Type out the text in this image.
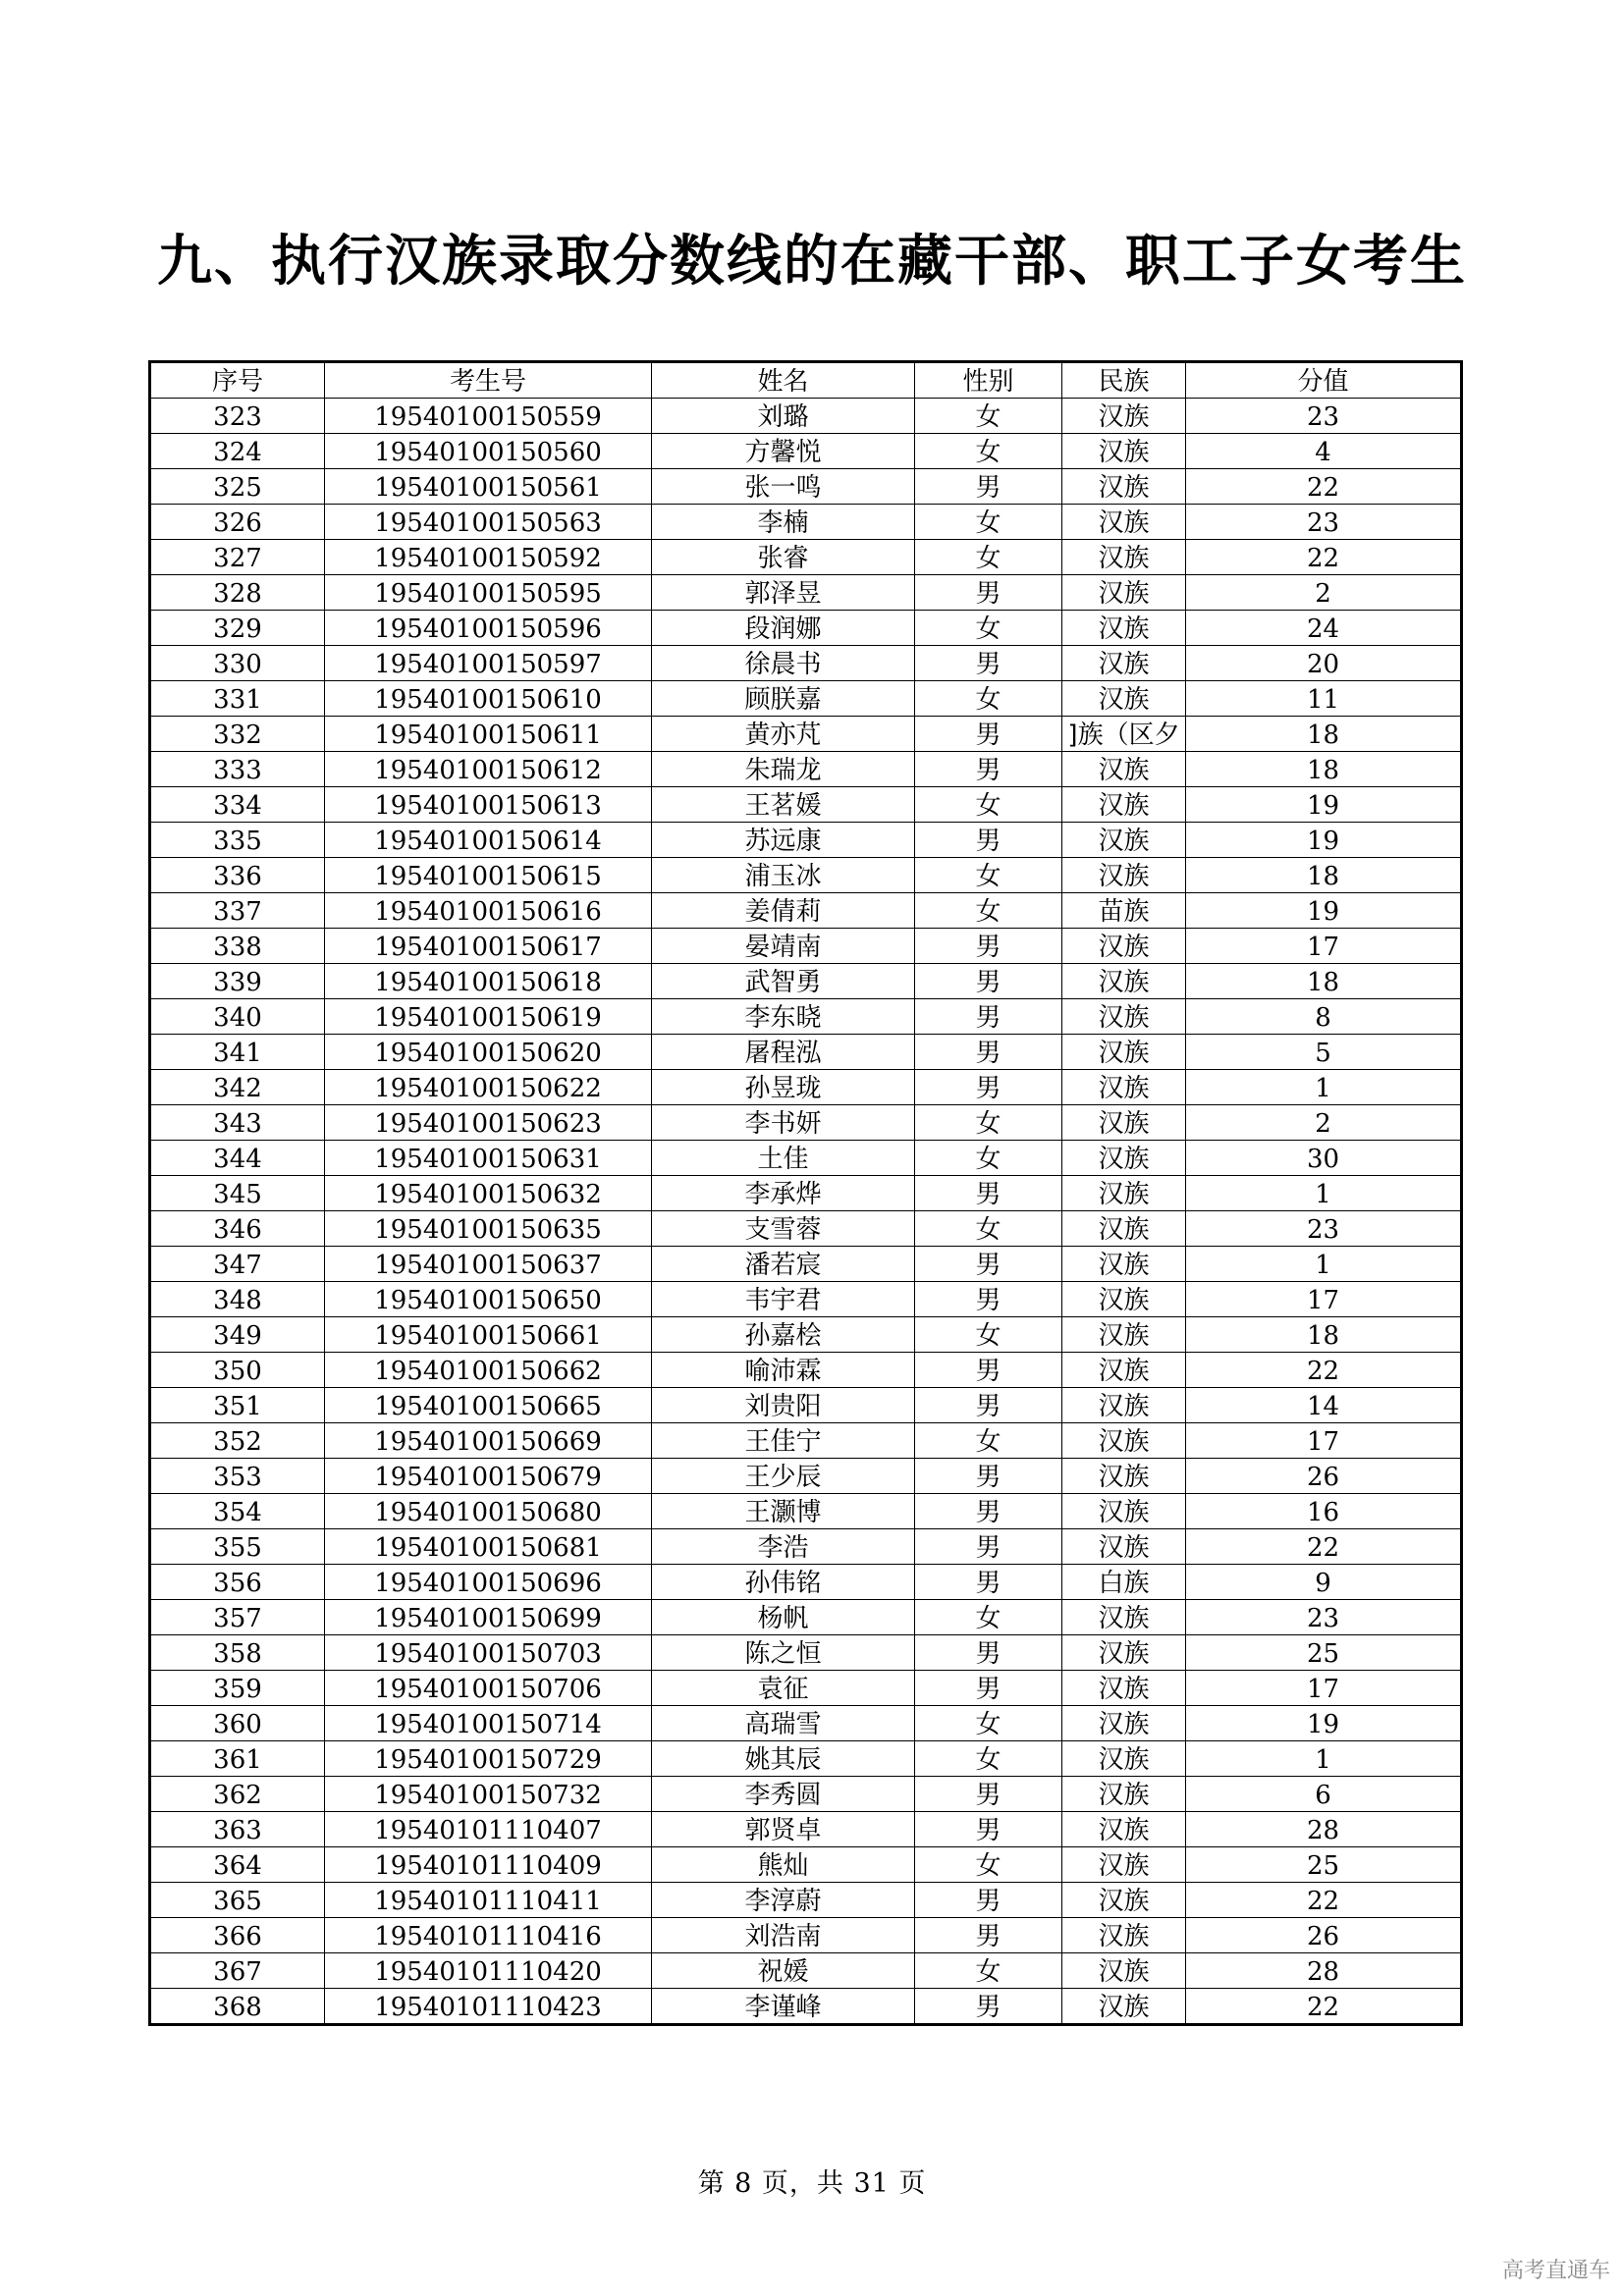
九、执行汉族录取分数线的在藏干部、职工子女考生
序号	考生号	姓名	性别	民族	分值
323	19540100150559	刘璐	女	汉族	23
324	19540100150560	方馨悦	女	汉族	4
325	19540100150561	张一鸣	男	汉族	22
326	19540100150563	李楠	女	汉族	23
327	19540100150592	张睿	女	汉族	22
328	19540100150595	郭泽昱	男	汉族	2
329	19540100150596	段润娜	女	汉族	24
330	19540100150597	徐晨书	男	汉族	20
331	19540100150610	顾朕嘉	女	汉族	11
332	19540100150611	黄亦芃	男	]族（区夕	18
333	19540100150612	朱瑞龙	男	汉族	18
334	19540100150613	王茗媛	女	汉族	19
335	19540100150614	苏远康	男	汉族	19
336	19540100150615	浦玉冰	女	汉族	18
337	19540100150616	姜倩莉	女	苗族	19
338	19540100150617	晏靖南	男	汉族	17
339	19540100150618	武智勇	男	汉族	18
340	19540100150619	李东晓	男	汉族	8
341	19540100150620	屠程泓	男	汉族	5
342	19540100150622	孙昱珑	男	汉族	1
343	19540100150623	李书妍	女	汉族	2
344	19540100150631	土佳	女	汉族	30
345	19540100150632	李承烨	男	汉族	1
346	19540100150635	支雪蓉	女	汉族	23
347	19540100150637	潘若宸	男	汉族	1
348	19540100150650	韦宇君	男	汉族	17
349	19540100150661	孙嘉桧	女	汉族	18
350	19540100150662	喻沛霖	男	汉族	22
351	19540100150665	刘贵阳	男	汉族	14
352	19540100150669	王佳宁	女	汉族	17
353	19540100150679	王少辰	男	汉族	26
354	19540100150680	王灏博	男	汉族	16
355	19540100150681	李浩	男	汉族	22
356	19540100150696	孙伟铭	男	白族	9
357	19540100150699	杨帆	女	汉族	23
358	19540100150703	陈之恒	男	汉族	25
359	19540100150706	袁征	男	汉族	17
360	19540100150714	高瑞雪	女	汉族	19
361	19540100150729	姚其辰	女	汉族	1
362	19540100150732	李秀圆	男	汉族	6
363	19540101110407	郭贤卓	男	汉族	28
364	19540101110409	熊灿	女	汉族	25
365	19540101110411	李淳蔚	男	汉族	22
366	19540101110416	刘浩南	男	汉族	26
367	19540101110420	祝媛	女	汉族	28
368	19540101110423	李谨峰	男	汉族	22
第 8 页，共 31 页
高考直通车
